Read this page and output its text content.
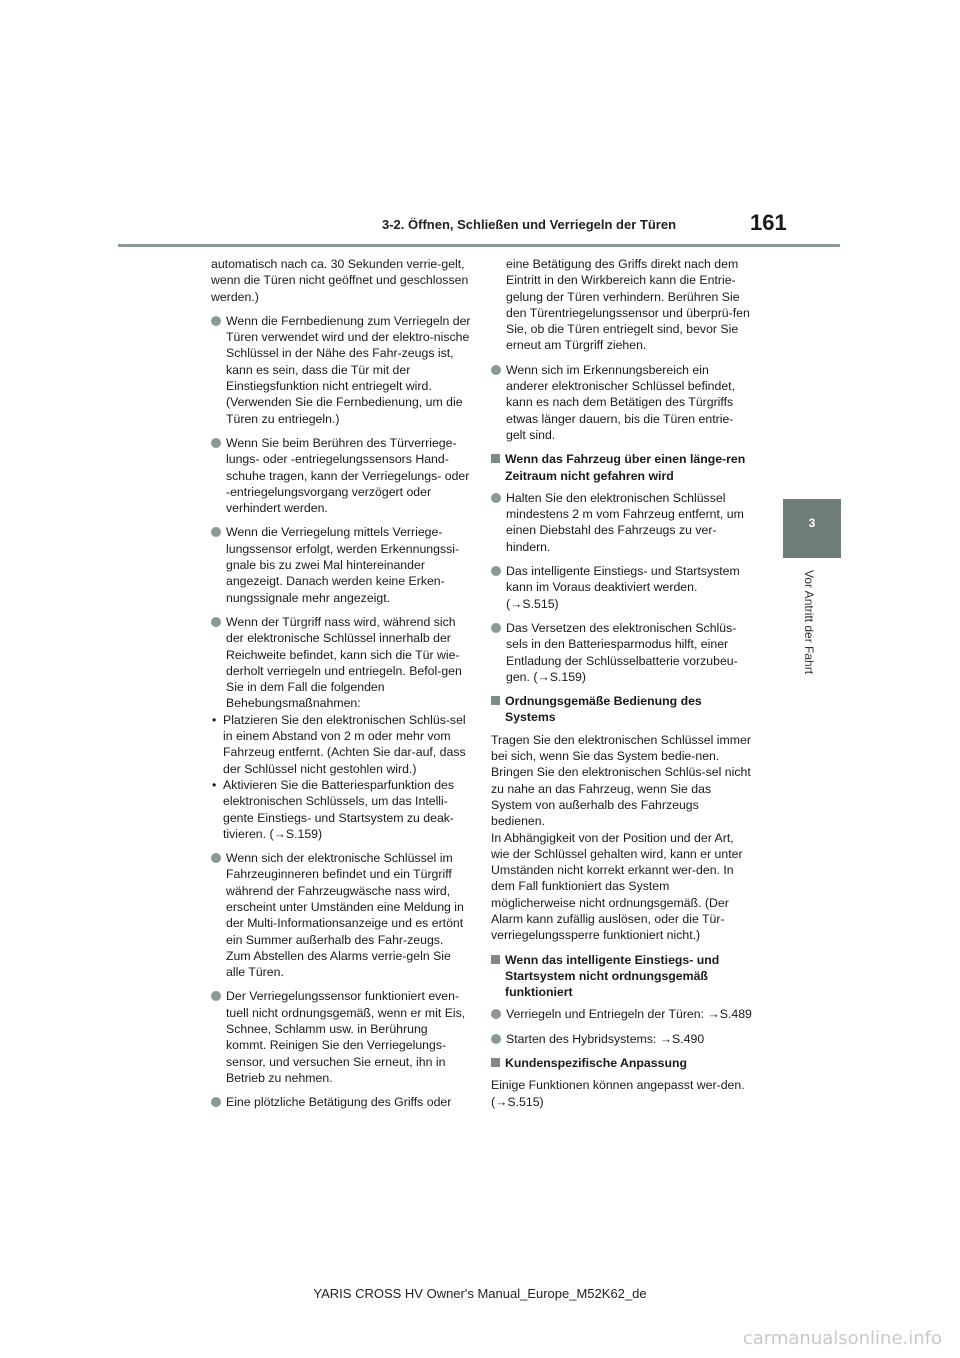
3-2. Öffnen, Schließen und Verriegeln der Türen	161
3
Vor Antritt der Fahrt

automatisch nach ca. 30 Sekunden verrie-gelt, wenn die Türen nicht geöffnet und geschlossen werden.)

Wenn die Fernbedienung zum Verriegeln der Türen verwendet wird und der elektro-nische Schlüssel in der Nähe des Fahr-zeugs ist, kann es sein, dass die Tür mit der Einstiegsfunktion nicht entriegelt wird. (Verwenden Sie die Fernbedienung, um die Türen zu entriegeln.)
Wenn Sie beim Berühren des Türverriege-lungs- oder -entriegelungssensors Hand-schuhe tragen, kann der Verriegelungs- oder -entriegelungsvorgang verzögert oder verhindert werden.
Wenn die Verriegelung mittels Verriege-lungssensor erfolgt, werden Erkennungssi-gnale bis zu zwei Mal hintereinander angezeigt. Danach werden keine Erken-nungssignale mehr angezeigt.
Wenn der Türgriff nass wird, während sich der elektronische Schlüssel innerhalb der Reichweite befindet, kann sich die Tür wie-derholt verriegeln und entriegeln. Befol-gen Sie in dem Fall die folgenden Behebungsmaßnahmen:
• Platzieren Sie den elektronischen Schlüs-sel in einem Abstand von 2 m oder mehr vom Fahrzeug entfernt. (Achten Sie dar-auf, dass der Schlüssel nicht gestohlen wird.)
• Aktivieren Sie die Batteriesparfunktion des elektronischen Schlüssels, um das Intelli-gente Einstiegs- und Startsystem zu deak-tivieren. (→S.159)
Wenn sich der elektronische Schlüssel im Fahrzeuginneren befindet und ein Türgriff während der Fahrzeugwäsche nass wird, erscheint unter Umständen eine Meldung in der Multi-Informationsanzeige und es ertönt ein Summer außerhalb des Fahr-zeugs. Zum Abstellen des Alarms verrie-geln Sie alle Türen.
Der Verriegelungssensor funktioniert even-tuell nicht ordnungsgemäß, wenn er mit Eis, Schnee, Schlamm usw. in Berührung kommt. Reinigen Sie den Verriegelungs-sensor, und versuchen Sie erneut, ihn in Betrieb zu nehmen.
Eine plötzliche Betätigung des Griffs oder

eine Betätigung des Griffs direkt nach dem Eintritt in den Wirkbereich kann die Entrie-gelung der Türen verhindern. Berühren Sie den Türentriegelungssensor und überprü-fen Sie, ob die Türen entriegelt sind, bevor Sie erneut am Türgriff ziehen.

Wenn sich im Erkennungsbereich ein anderer elektronischer Schlüssel befindet, kann es nach dem Betätigen des Türgriffs etwas länger dauern, bis die Türen entrie-gelt sind.
Wenn das Fahrzeug über einen länge-ren Zeitraum nicht gefahren wird
Halten Sie den elektronischen Schlüssel mindestens 2 m vom Fahrzeug entfernt, um einen Diebstahl des Fahrzeugs zu ver-hindern.
Das intelligente Einstiegs- und Startsystem kann im Voraus deaktiviert werden. (→S.515)
Das Versetzen des elektronischen Schlüs-sels in den Batteriesparmodus hilft, einer Entladung der Schlüsselbatterie vorzubeu-gen. (→S.159)
Ordnungsgemäße Bedienung des Systems
Tragen Sie den elektronischen Schlüssel immer bei sich, wenn Sie das System bedie-nen. Bringen Sie den elektronischen Schlüs-sel nicht zu nahe an das Fahrzeug, wenn Sie das System von außerhalb des Fahrzeugs bedienen.
In Abhängigkeit von der Position und der Art, wie der Schlüssel gehalten wird, kann er unter Umständen nicht korrekt erkannt wer-den. In dem Fall funktioniert das System möglicherweise nicht ordnungsgemäß. (Der Alarm kann zufällig auslösen, oder die Tür-verriegelungssperre funktioniert nicht.)
Wenn das intelligente Einstiegs- und Startsystem nicht ordnungsgemäß funktioniert
Verriegeln und Entriegeln der Türen: →S.489
Starten des Hybridsystems: →S.490
Kundenspezifische Anpassung
Einige Funktionen können angepasst wer-den. (→S.515)
YARIS CROSS HV Owner's Manual_Europe_M52K62_de
carmanualsonline.info
